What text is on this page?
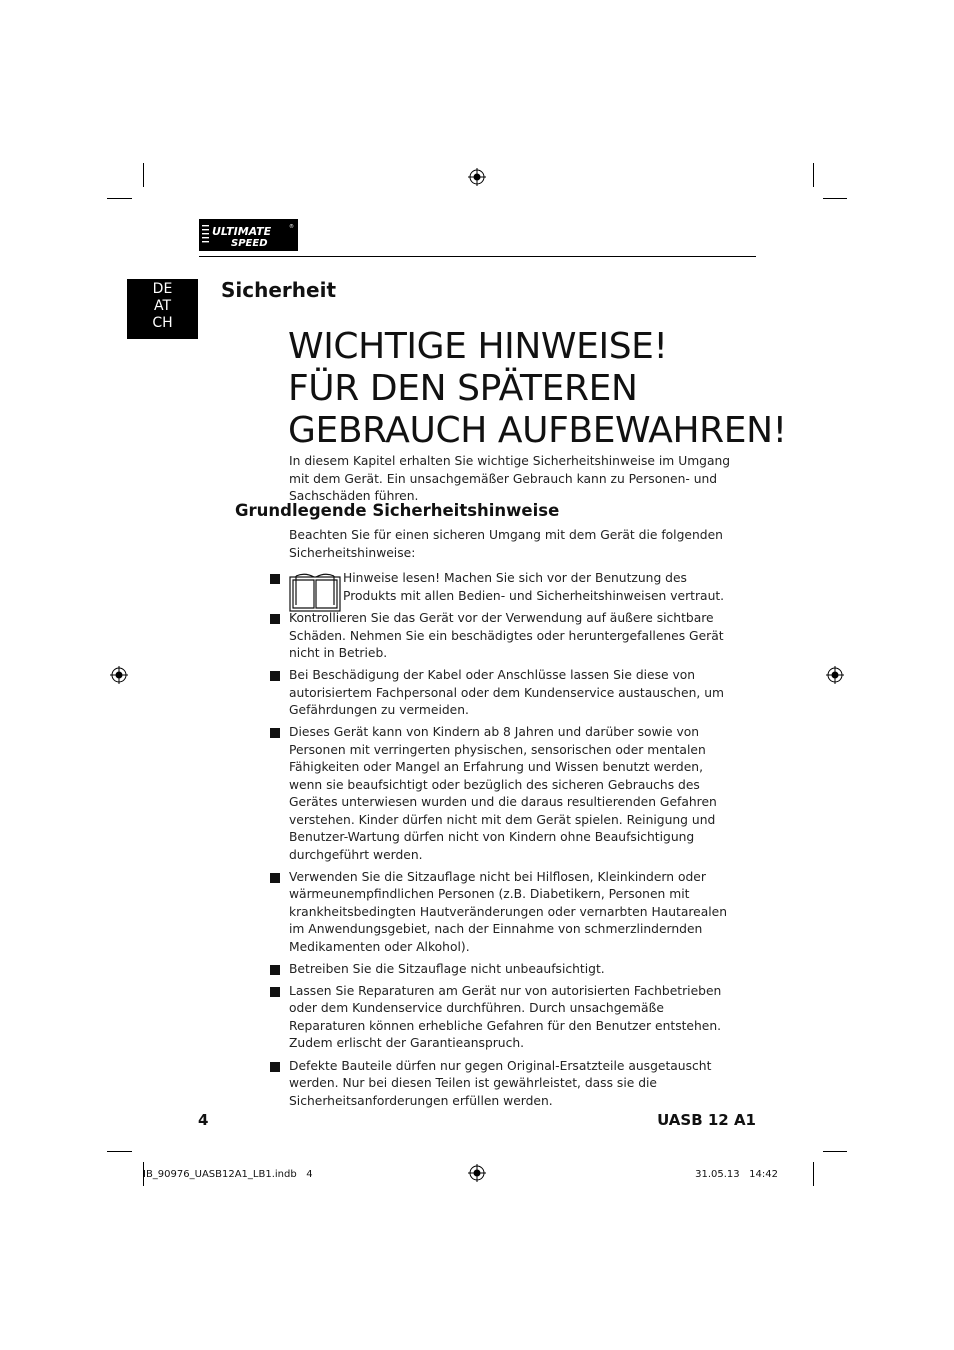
ULTIMATE
SPEED
®
DE
AT
CH
Sicherheit
WICHTIGE HINWEISE!
FÜR DEN SPÄTEREN
GEBRAUCH AUFBEWAHREN!
In diesem Kapitel erhalten Sie wichtige Sicherheitshinweise im Umgang mit dem Gerät. Ein unsachgemäßer Gebrauch kann zu Personen- und Sachschäden führen.
Grundlegende Sicherheitshinweise
Beachten Sie für einen sicheren Umgang mit dem Gerät die folgenden Sicherheitshinweise:
Hinweise lesen! Machen Sie sich vor der Benutzung des Produkts mit allen Bedien- und Sicherheitshinweisen vertraut.
Kontrollieren Sie das Gerät vor der Verwendung auf äußere sichtbare Schäden. Nehmen Sie ein beschädigtes oder heruntergefallenes Gerät nicht in Betrieb.
Bei Beschädigung der Kabel oder Anschlüsse lassen Sie diese von autorisiertem Fachpersonal oder dem Kundenservice austauschen, um Gefährdungen zu vermeiden.
Dieses Gerät kann von Kindern ab 8 Jahren und darüber sowie von Personen mit verringerten physischen, sensorischen oder mentalen Fähigkeiten oder Mangel an Erfahrung und Wissen benutzt werden, wenn sie beaufsichtigt oder bezüglich des sicheren Gebrauchs des Gerätes unterwiesen wurden und die daraus resultierenden Gefahren verstehen. Kinder dürfen nicht mit dem Gerät spielen. Reinigung und Benutzer-Wartung dürfen nicht von Kindern ohne Beaufsichtigung durchgeführt werden.
Verwenden Sie die Sitzauflage nicht bei Hilflosen, Kleinkindern oder wärmeunempfindlichen Personen (z.B. Diabetikern, Personen mit krankheitsbedingten Hautveränderungen oder vernarbten Hautarealen im Anwendungsgebiet, nach der Einnahme von schmerzlindernden Medikamenten oder Alkohol).
Betreiben Sie die Sitzauflage nicht unbeaufsichtigt.
Lassen Sie Reparaturen am Gerät nur von autorisierten Fachbetrieben oder dem Kundenservice durchführen. Durch unsachgemäße Reparaturen können erhebliche Gefahren für den Benutzer entstehen. Zudem erlischt der Garantieanspruch.
Defekte Bauteile dürfen nur gegen Original-Ersatzteile ausgetauscht werden. Nur bei diesen Teilen ist gewährleistet, dass sie die Sicherheitsanforderungen erfüllen werden.
4	UASB 12 A1
IB_90976_UASB12A1_LB1.indb   4	31.05.13   14:42
